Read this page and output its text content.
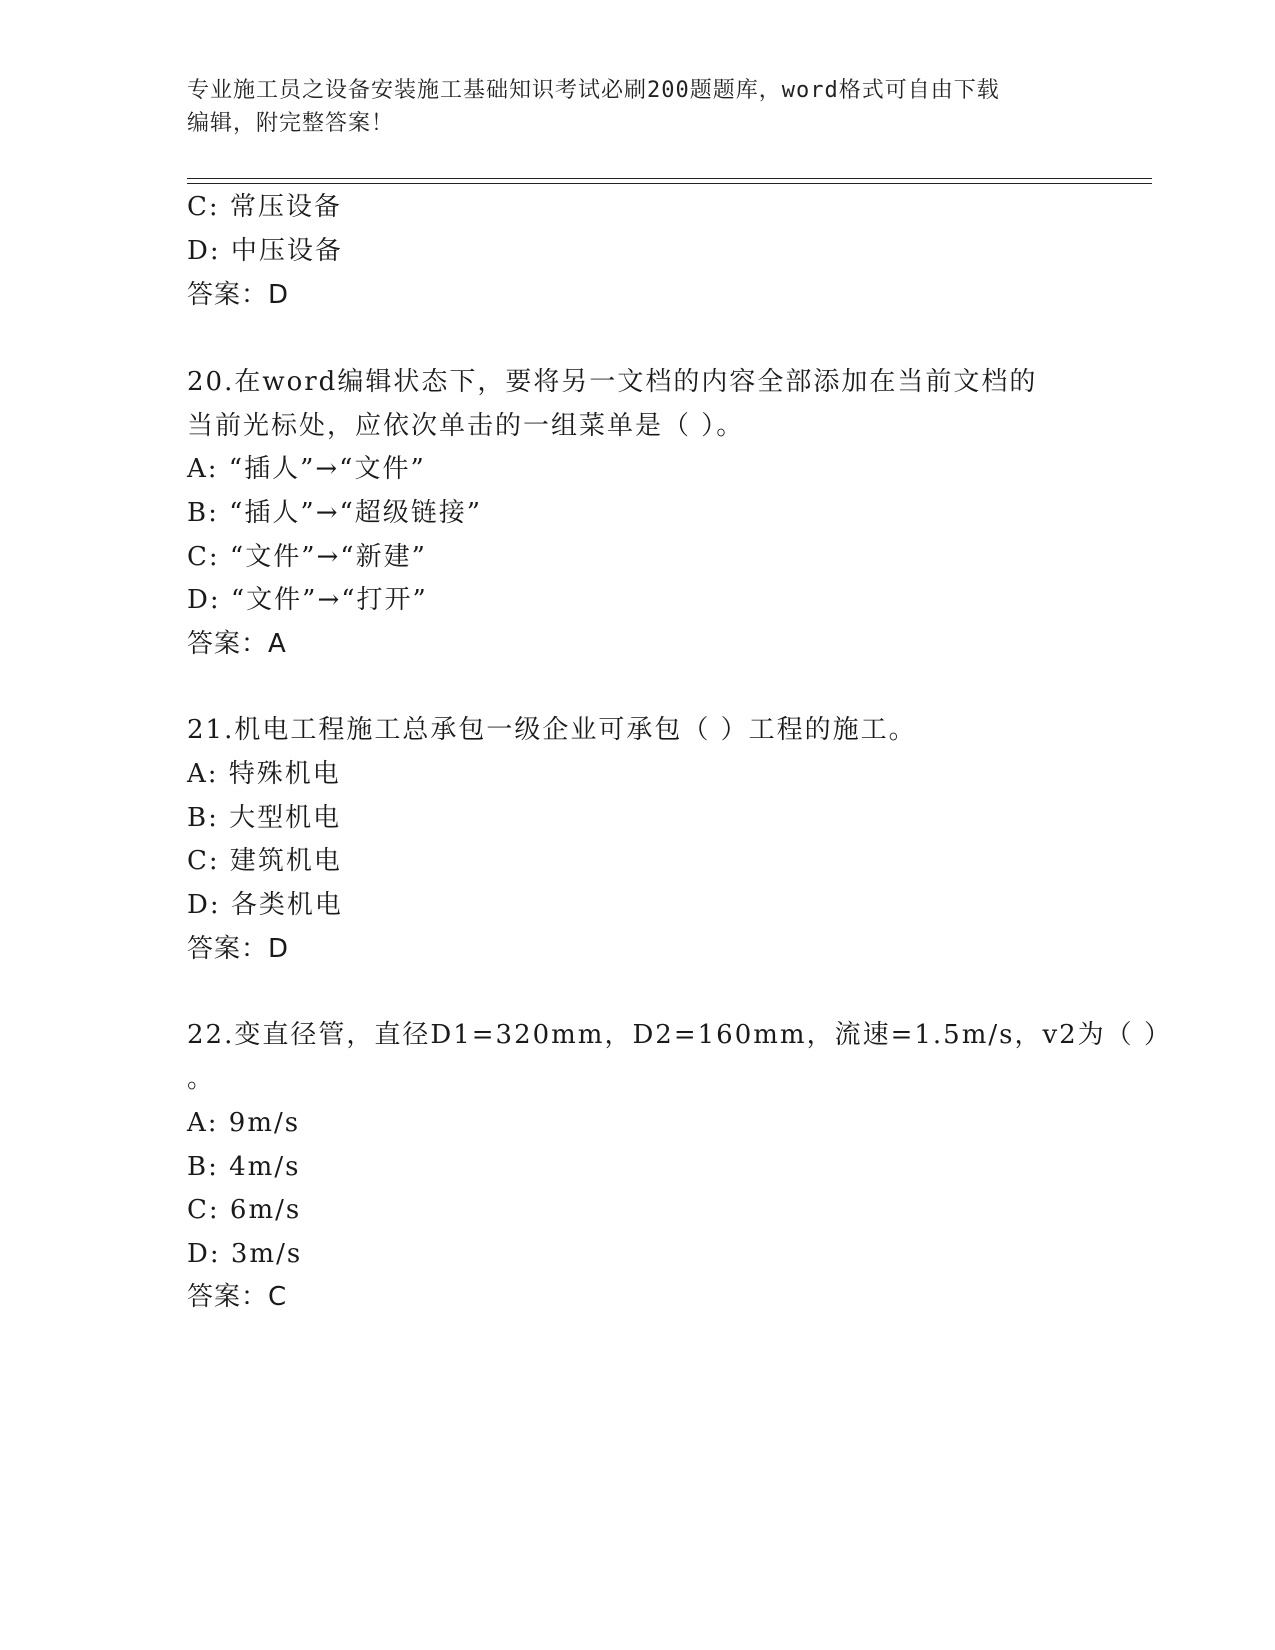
专业施工员之设备安装施工基础知识考试必刷200题题库，word格式可自由下载
编辑，附完整答案！
C: 常压设备
D: 中压设备
答案：D
20.在word编辑状态下，要将另一文档的内容全部添加在当前文档的
当前光标处，应依次单击的一组菜单是（ ）。
A: “插人”→“文件”
B: “插人”→“超级链接”
C: “文件”→“新建”
D: “文件”→“打开”
答案：A
21.机电工程施工总承包一级企业可承包（ ）工程的施工。
A: 特殊机电
B: 大型机电
C: 建筑机电
D: 各类机电
答案：D
22.变直径管，直径D1=320mm，D2=160mm，流速=1.5m/s，v2为（ ）
。
A: 9m/s
B: 4m/s
C: 6m/s
D: 3m/s
答案：C
